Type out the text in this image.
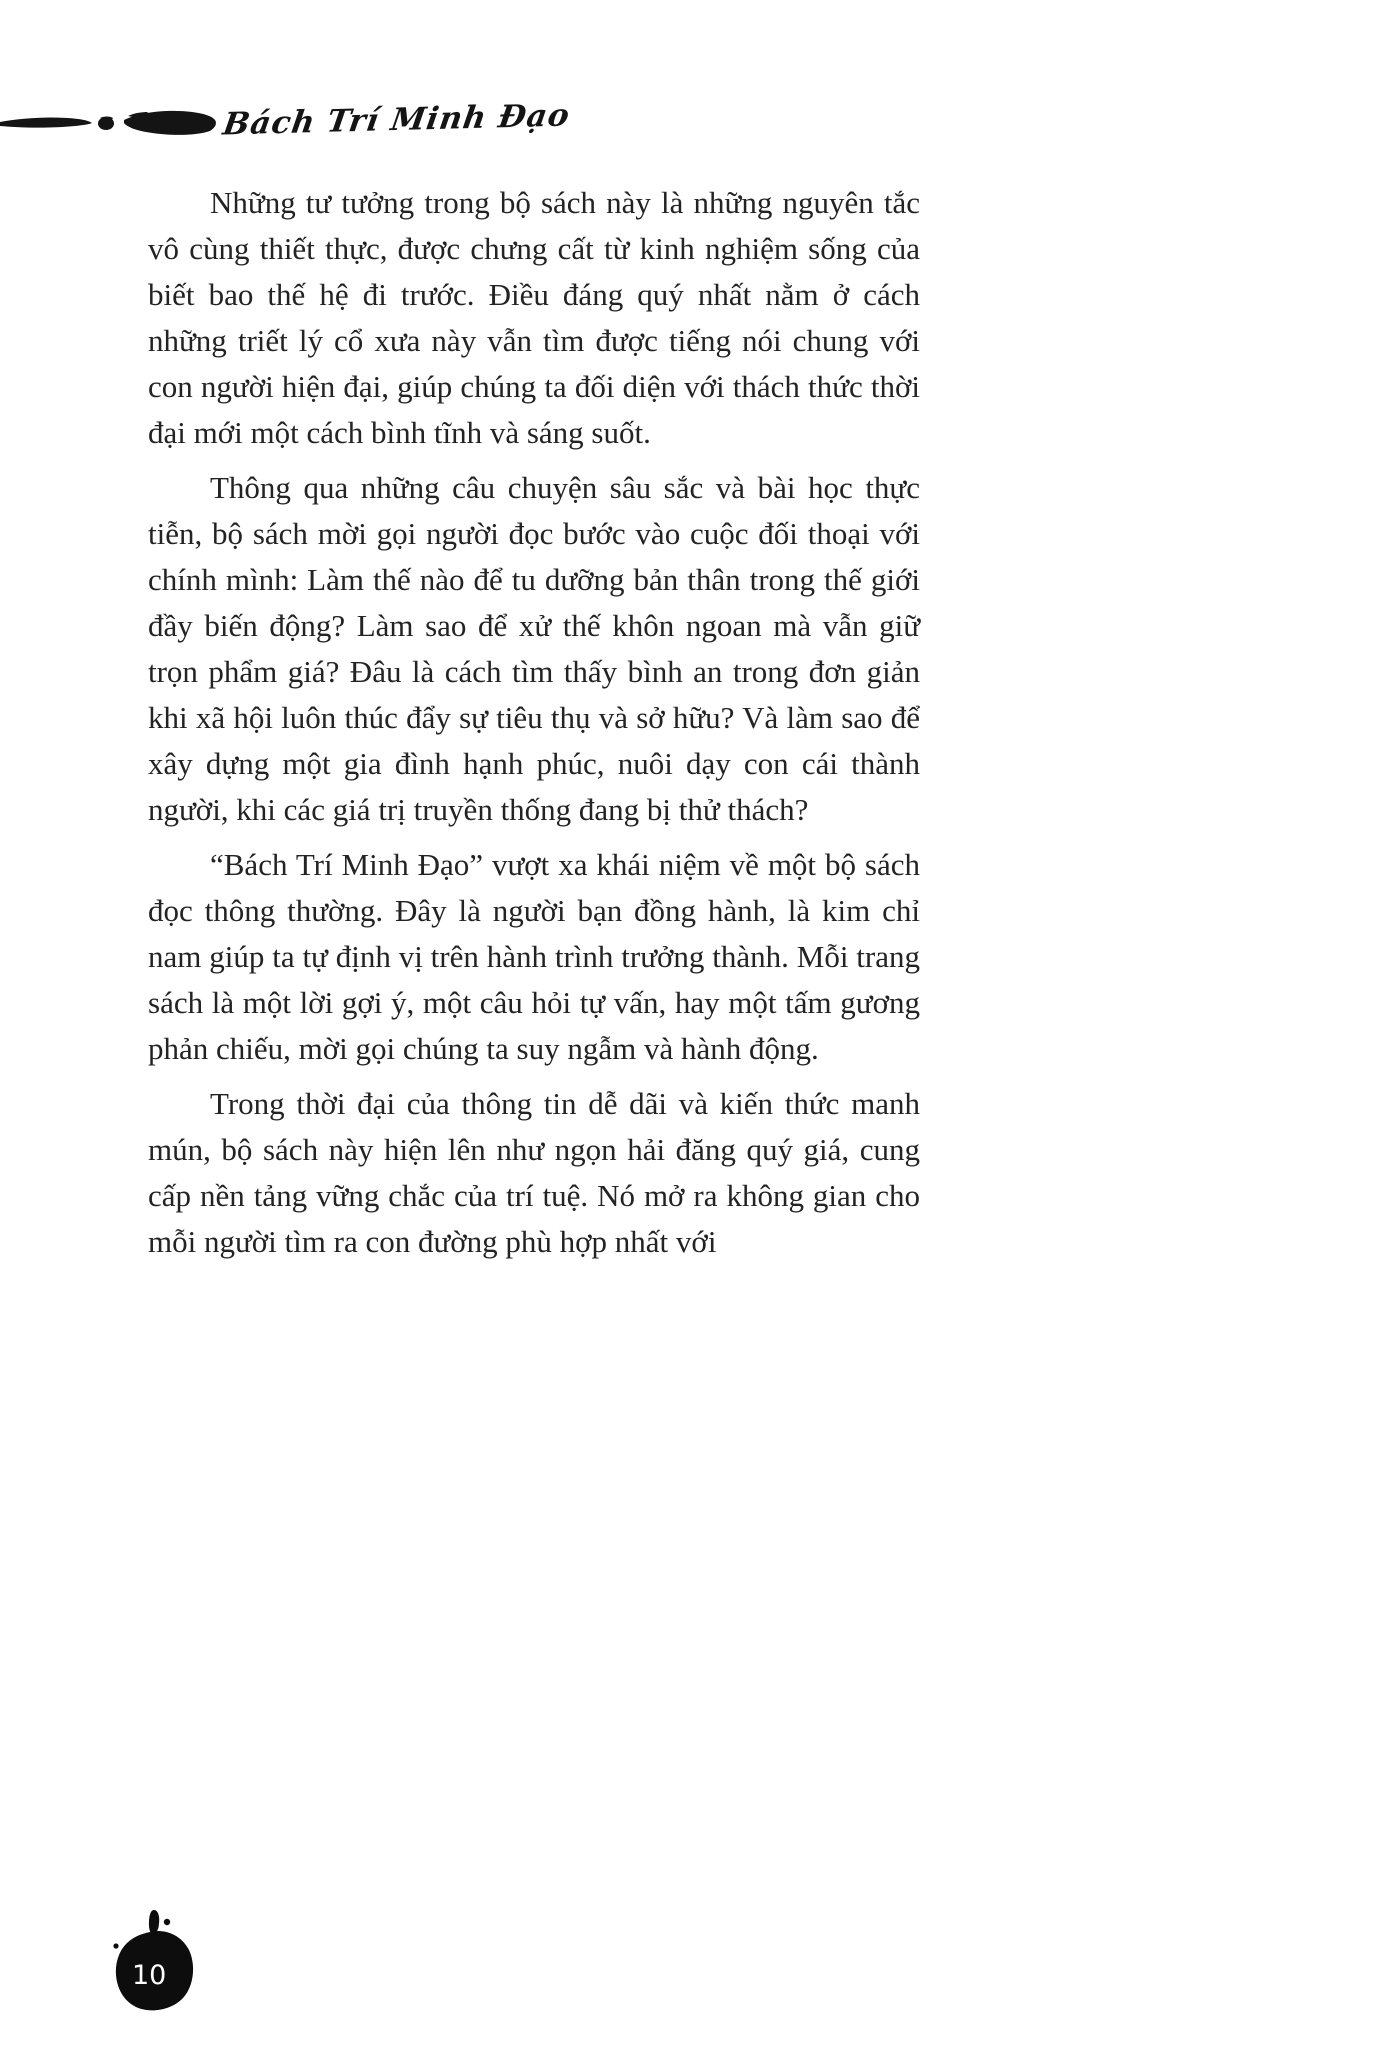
Bách Trí Minh Đạo

Những tư tưởng trong bộ sách này là những nguyên tắc vô cùng thiết thực, được chưng cất từ kinh nghiệm sống của biết bao thế hệ đi trước. Điều đáng quý nhất nằm ở cách những triết lý cổ xưa này vẫn tìm được tiếng nói chung với con người hiện đại, giúp chúng ta đối diện với thách thức thời đại mới một cách bình tĩnh và sáng suốt.

Thông qua những câu chuyện sâu sắc và bài học thực tiễn, bộ sách mời gọi người đọc bước vào cuộc đối thoại với chính mình: Làm thế nào để tu dưỡng bản thân trong thế giới đầy biến động? Làm sao để xử thế khôn ngoan mà vẫn giữ trọn phẩm giá? Đâu là cách tìm thấy bình an trong đơn giản khi xã hội luôn thúc đẩy sự tiêu thụ và sở hữu? Và làm sao để xây dựng một gia đình hạnh phúc, nuôi dạy con cái thành người, khi các giá trị truyền thống đang bị thử thách?

“Bách Trí Minh Đạo” vượt xa khái niệm về một bộ sách đọc thông thường. Đây là người bạn đồng hành, là kim chỉ nam giúp ta tự định vị trên hành trình trưởng thành. Mỗi trang sách là một lời gợi ý, một câu hỏi tự vấn, hay một tấm gương phản chiếu, mời gọi chúng ta suy ngẫm và hành động.

Trong thời đại của thông tin dễ dãi và kiến thức manh mún, bộ sách này hiện lên như ngọn hải đăng quý giá, cung cấp nền tảng vững chắc của trí tuệ. Nó mở ra không gian cho mỗi người tìm ra con đường phù hợp nhất với

10
